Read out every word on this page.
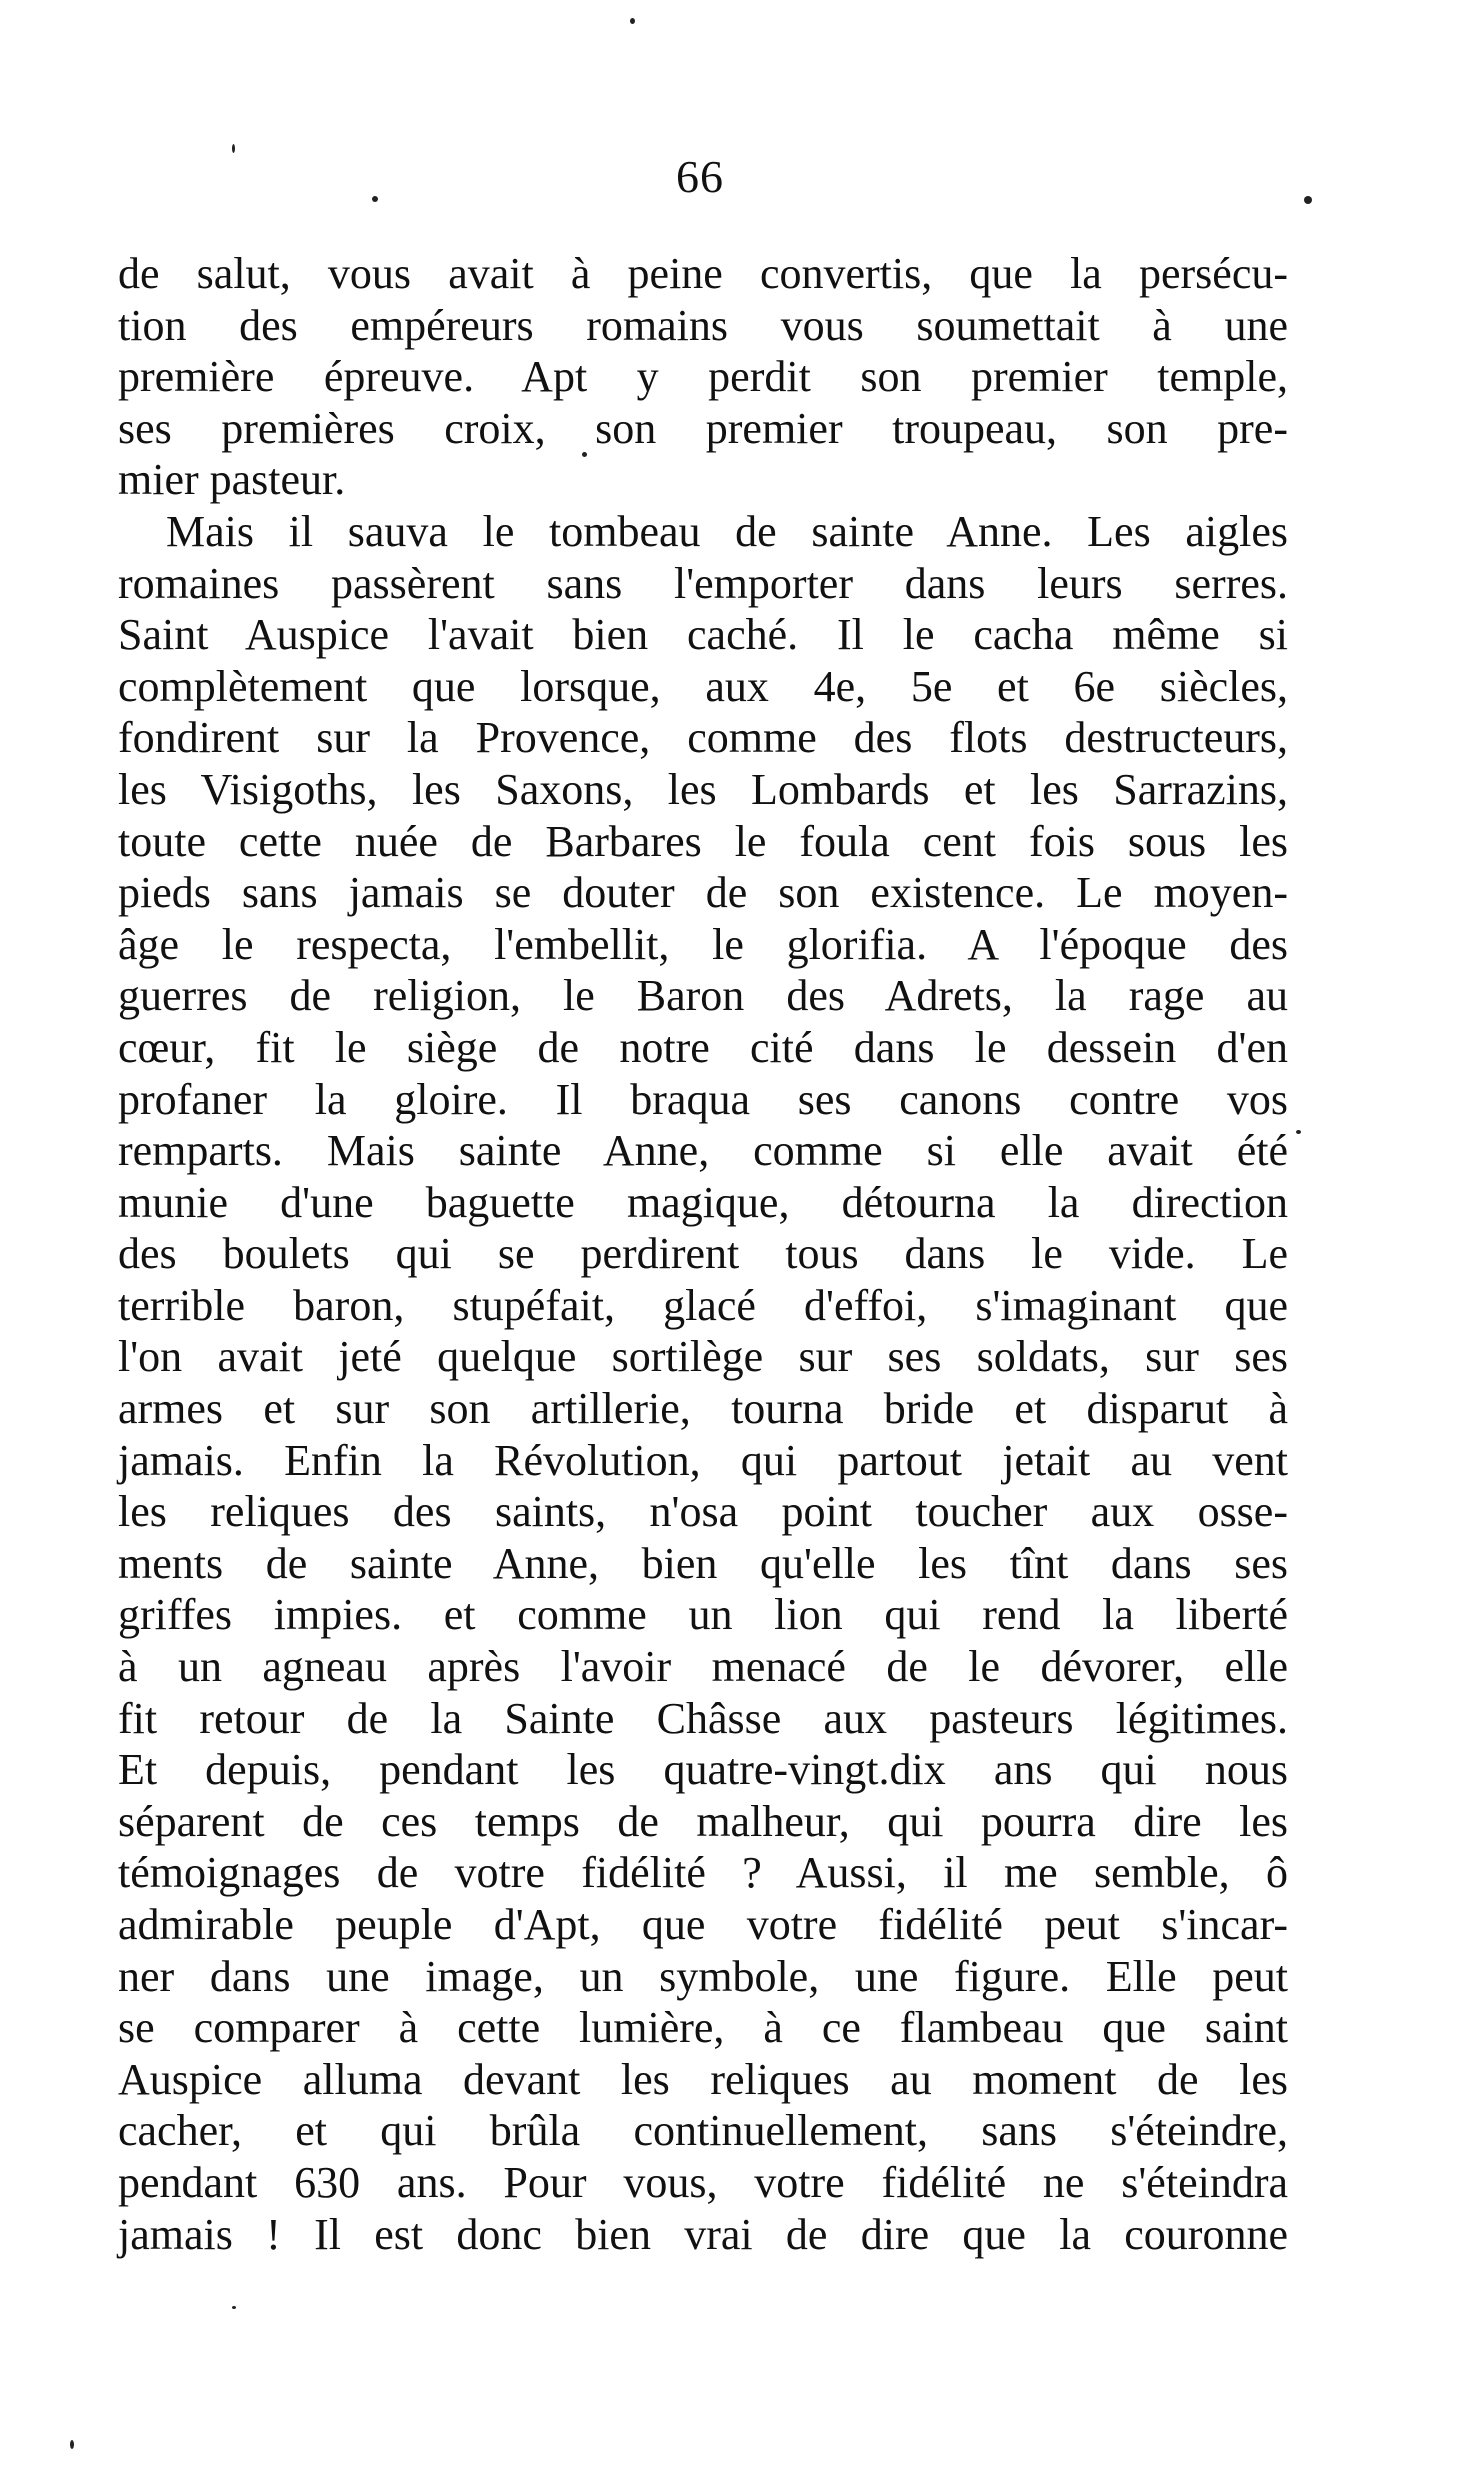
66
de salut, vous avait à peine convertis, que la persécu-
tion des empéreurs romains vous soumettait à une
première épreuve. Apt y perdit son premier temple,
ses premières croix, son premier troupeau, son pre-
mier pasteur.
Mais il sauva le tombeau de sainte Anne. Les aigles
romaines passèrent sans l'emporter dans leurs serres.
Saint Auspice l'avait bien caché. Il le cacha même si
complètement que lorsque, aux 4e, 5e et 6e siècles,
fondirent sur la Provence, comme des flots destructeurs,
les Visigoths, les Saxons, les Lombards et les Sarrazins,
toute cette nuée de Barbares le foula cent fois sous les
pieds sans jamais se douter de son existence. Le moyen-
âge le respecta, l'embellit, le glorifia. A l'époque des
guerres de religion, le Baron des Adrets, la rage au
cœur, fit le siège de notre cité dans le dessein d'en
profaner la gloire. Il braqua ses canons contre vos
remparts. Mais sainte Anne, comme si elle avait été
munie d'une baguette magique, détourna la direction
des boulets qui se perdirent tous dans le vide. Le
terrible baron, stupéfait, glacé d'effoi, s'imaginant que
l'on avait jeté quelque sortilège sur ses soldats, sur ses
armes et sur son artillerie, tourna bride et disparut à
jamais. Enfin la Révolution, qui partout jetait au vent
les reliques des saints, n'osa point toucher aux osse-
ments de sainte Anne, bien qu'elle les tînt dans ses
griffes impies. et comme un lion qui rend la liberté
à un agneau après l'avoir menacé de le dévorer, elle
fit retour de la Sainte Châsse aux pasteurs légitimes.
Et depuis, pendant les quatre-vingt.dix ans qui nous
séparent de ces temps de malheur, qui pourra dire les
témoignages de votre fidélité ? Aussi, il me semble, ô
admirable peuple d'Apt, que votre fidélité peut s'incar-
ner dans une image, un symbole, une figure. Elle peut
se comparer à cette lumière, à ce flambeau que saint
Auspice alluma devant les reliques au moment de les
cacher, et qui brûla continuellement, sans s'éteindre,
pendant 630 ans. Pour vous, votre fidélité ne s'éteindra
jamais ! Il est donc bien vrai de dire que la couronne
